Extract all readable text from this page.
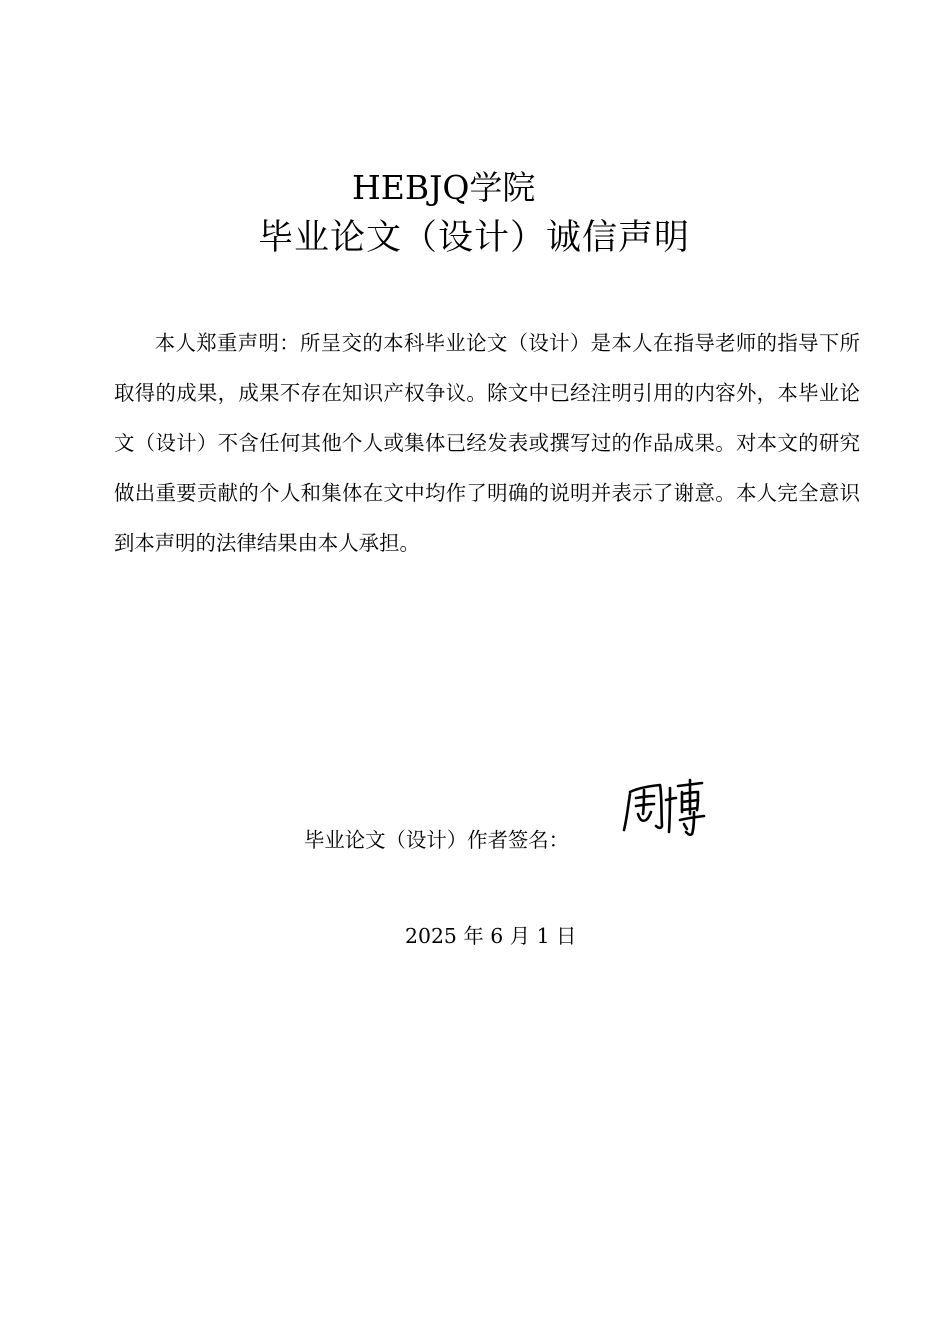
HEBJQ学院
毕业论文（设计）诚信声明

本人郑重声明：所呈交的本科毕业论文（设计）是本人在指导老师的指导下所取得的成果，成果不存在知识产权争议。除文中已经注明引用的内容外，本毕业论文（设计）不含任何其他个人或集体已经发表或撰写过的作品成果。对本文的研究做出重要贡献的个人和集体在文中均作了明确的说明并表示了谢意。本人完全意识到本声明的法律结果由本人承担。

毕业论文（设计）作者签名：
2025 年 6 月 1 日
